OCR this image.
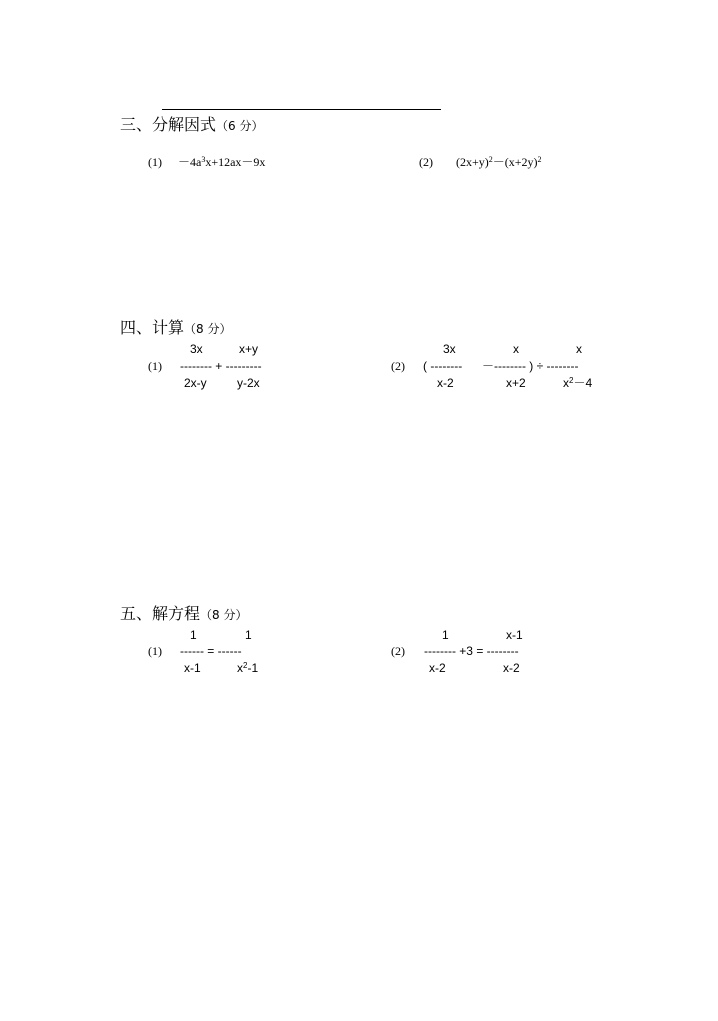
三、分解因式（6 分）
$(1) -4a^3x+12ax-9x$	(2) $(2x+y)^2-(x+2y)^2$
四、计算（8 分）
3x	x+y
(1) -------- + ---------
2x-y	y-2x
3x	x	x
(2) ( -------- －-------- ) ÷ --------
x-2	x+2	$x^2-4$
五、解方程（8 分）
1	1
(1) ------ = ------
x-1	$x^2-1$
1	x-1
(2) -------- +3 = --------
x-2	x-2
